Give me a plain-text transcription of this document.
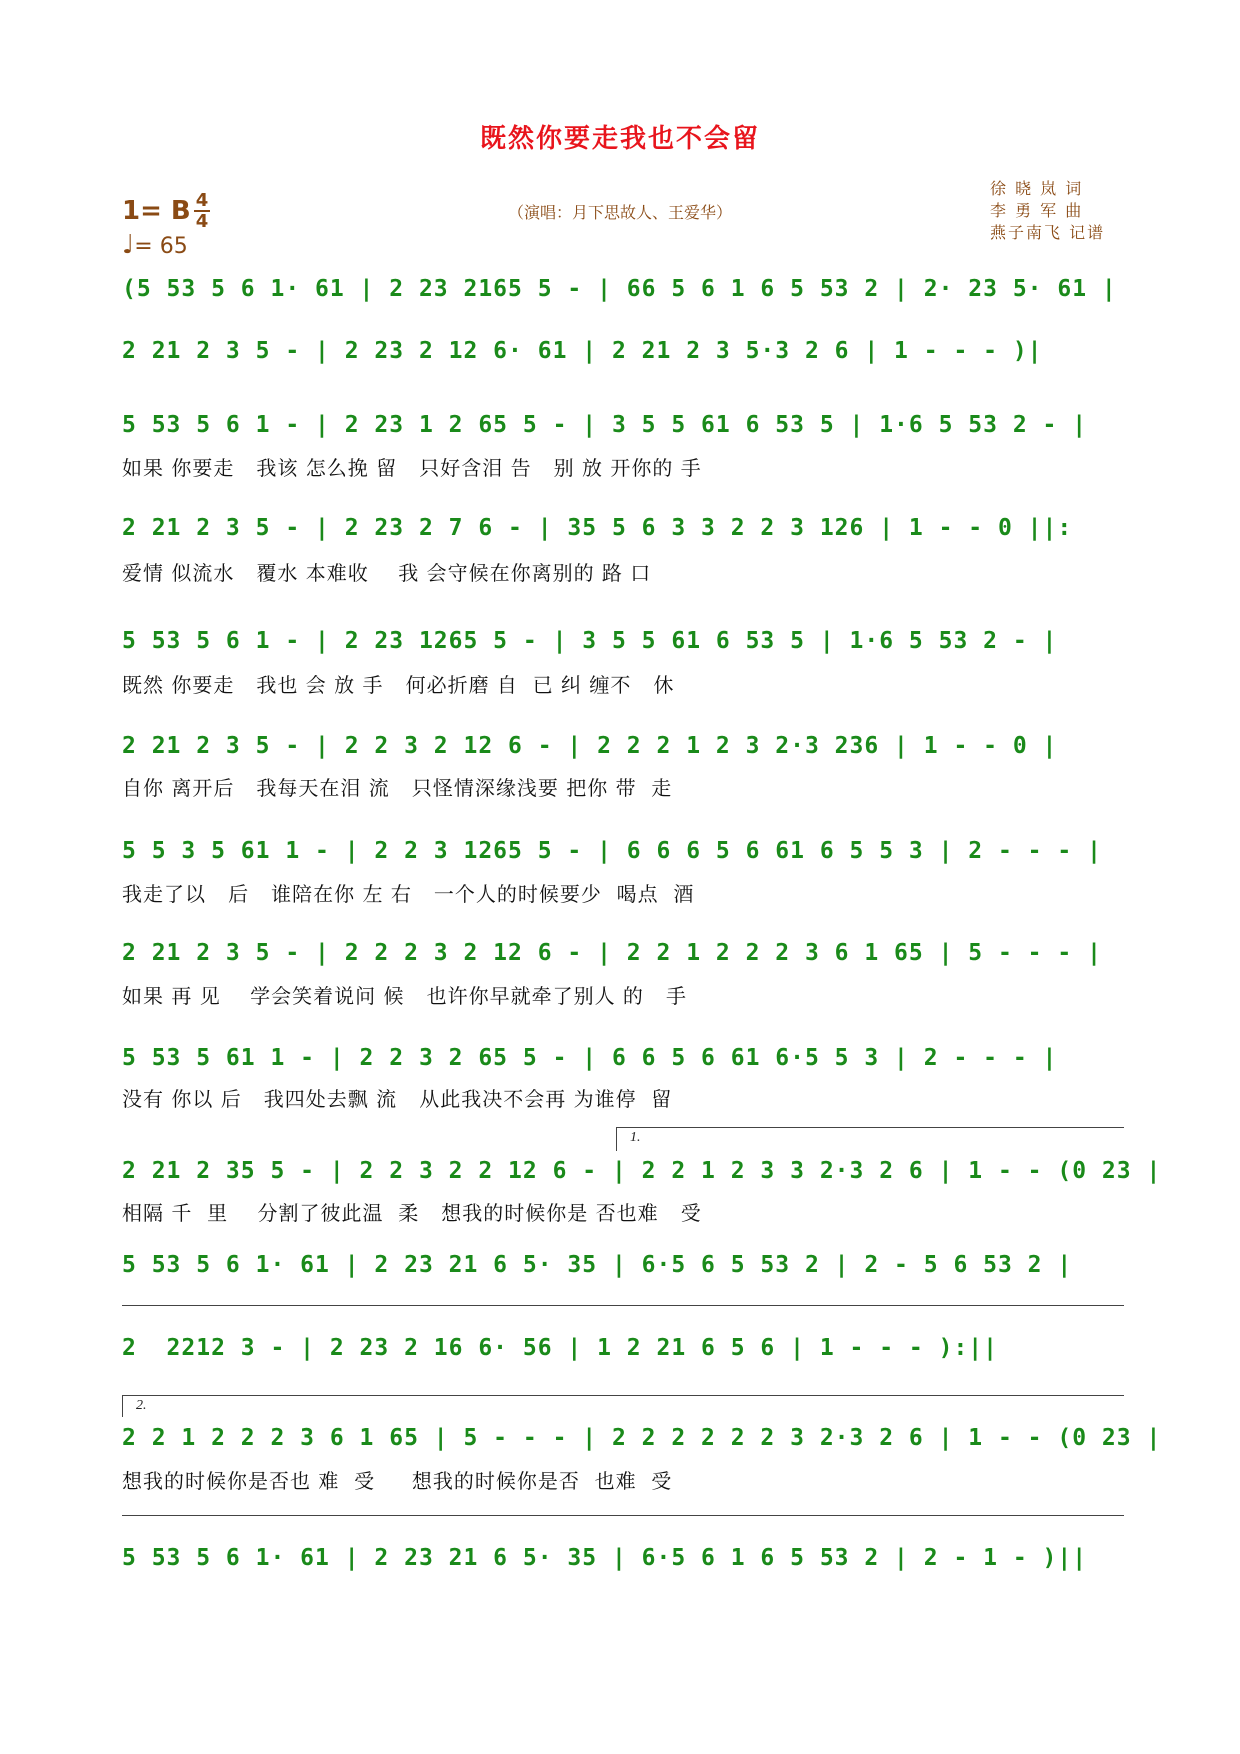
既然你要走我也不会留
1= B 4
4
♩= 65
（演唱：月下思故人、王爱华）
徐 晓 岚 词
李 勇 军 曲
燕子南飞 记谱
(5 53 5 6 1· 61 | 2 23 2165 5 - | 66 5 6 1 6 5 53 2 | 2· 23 5· 61 |
2 21 2 3 5 - | 2 23 2 12 6· 61 | 2 21 2 3 5·3 2 6 | 1 - - - )|
5 53 5 6 1 - | 2 23 1 2 65 5 - | 3 5 5 61 6 53 5 | 1·6 5 53 2 - |
如果 你要走   我该 怎么挽 留   只好含泪 告   别 放 开你的 手
2 21 2 3 5 - | 2 23 2 7 6 - | 35 5 6 3 3 2 2 3 126 | 1 - - 0 ||:
爱情 似流水   覆水 本难收    我 会守候在你离别的 路 口
5 53 5 6 1 - | 2 23 1265 5 - | 3 5 5 61 6 53 5 | 1·6 5 53 2 - |
既然 你要走   我也 会 放 手   何必折磨 自  已 纠 缠不   休
2 21 2 3 5 - | 2 2 3 2 12 6 - | 2 2 2 1 2 3 2·3 236 | 1 - - 0 |
自你 离开后   我每天在泪 流   只怪情深缘浅要 把你 带  走
5 5 3 5 61 1 - | 2 2 3 1265 5 - | 6 6 6 5 6 61 6 5 5 3 | 2 - - - |
我走了以   后   谁陪在你 左 右   一个人的时候要少  喝点  酒
2 21 2 3 5 - | 2 2 2 3 2 12 6 - | 2 2 1 2 2 2 3 6 1 65 | 5 - - - |
如果 再 见    学会笑着说问 候   也许你早就牵了别人 的   手
5 53 5 61 1 - | 2 2 3 2 65 5 - | 6 6 5 6 61 6·5 5 3 | 2 - - - |
没有 你以 后   我四处去飘 流   从此我决不会再 为谁停  留
1.
2 21 2 35 5 - | 2 2 3 2 2 12 6 - | 2 2 1 2 3 3 2·3 2 6 | 1 - - (0 23 |
相隔 千  里    分割了彼此温  柔   想我的时候你是 否也难   受
5 53 5 6 1· 61 | 2 23 21 6 5· 35 | 6·5 6 5 53 2 | 2 - 5 6 53 2 |
2  2212 3 - | 2 23 2 16 6· 56 | 1 2 21 6 5 6 | 1 - - - ):||
2.
2 2 1 2 2 2 3 6 1 65 | 5 - - - | 2 2 2 2 2 2 3 2·3 2 6 | 1 - - (0 23 |
想我的时候你是否也 难  受     想我的时候你是否  也难  受
5 53 5 6 1· 61 | 2 23 21 6 5· 35 | 6·5 6 1 6 5 53 2 | 2 - 1 - )||
